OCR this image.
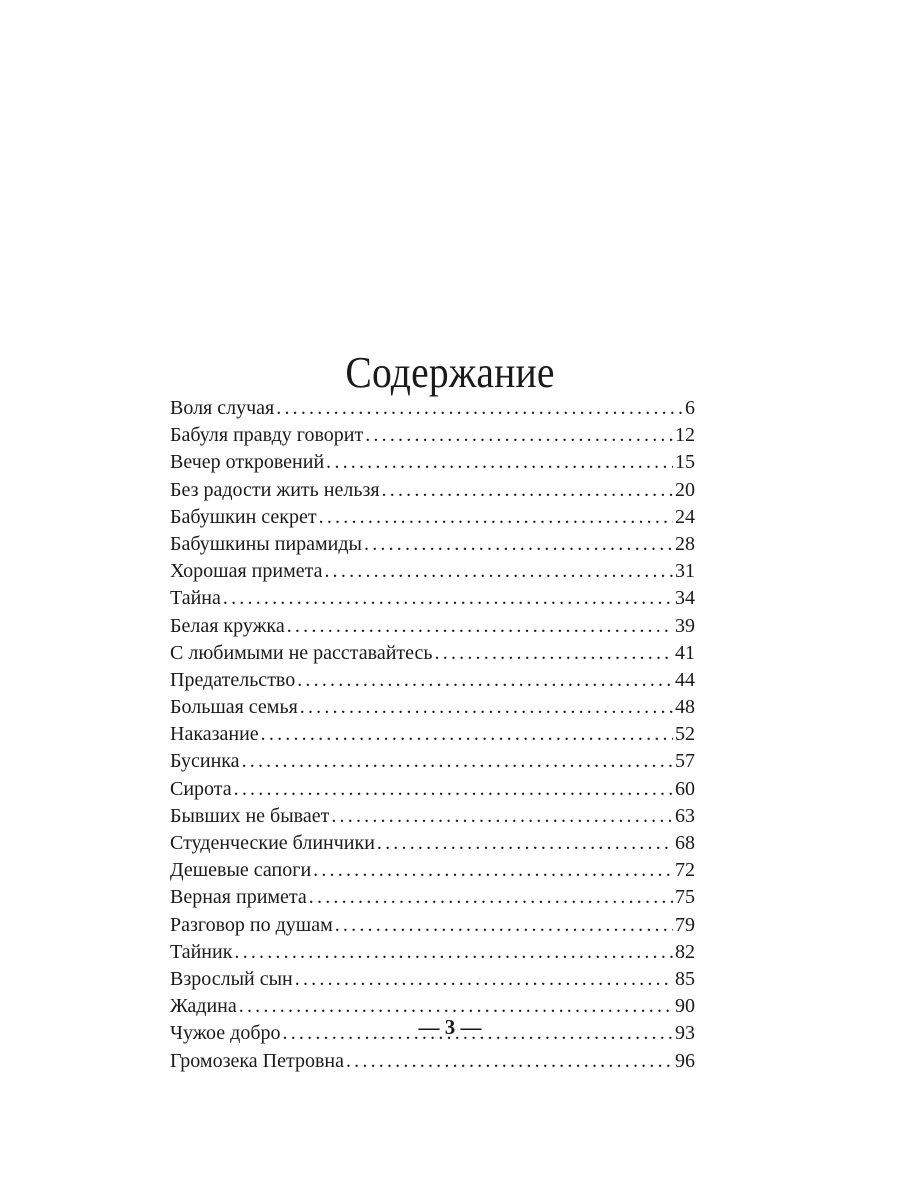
Содержание
Воля случая .....	6
Бабуля правду говорит .....	12
Вечер откровений .....	15
Без радости жить нельзя .....	20
Бабушкин секрет .....	24
Бабушкины пирамиды .....	28
Хорошая примета .....	31
Тайна .....	34
Белая кружка .....	39
С любимыми не расставайтесь .....	41
Предательство .....	44
Большая семья .....	48
Наказание .....	52
Бусинка .....	57
Сирота .....	60
Бывших не бывает .....	63
Студенческие блинчики .....	68
Дешевые сапоги .....	72
Верная примета .....	75
Разговор по душам .....	79
Тайник .....	82
Взрослый сын .....	85
Жадина .....	90
Чужое добро .....	93
Громозека Петровна .....	96
— 3 —
